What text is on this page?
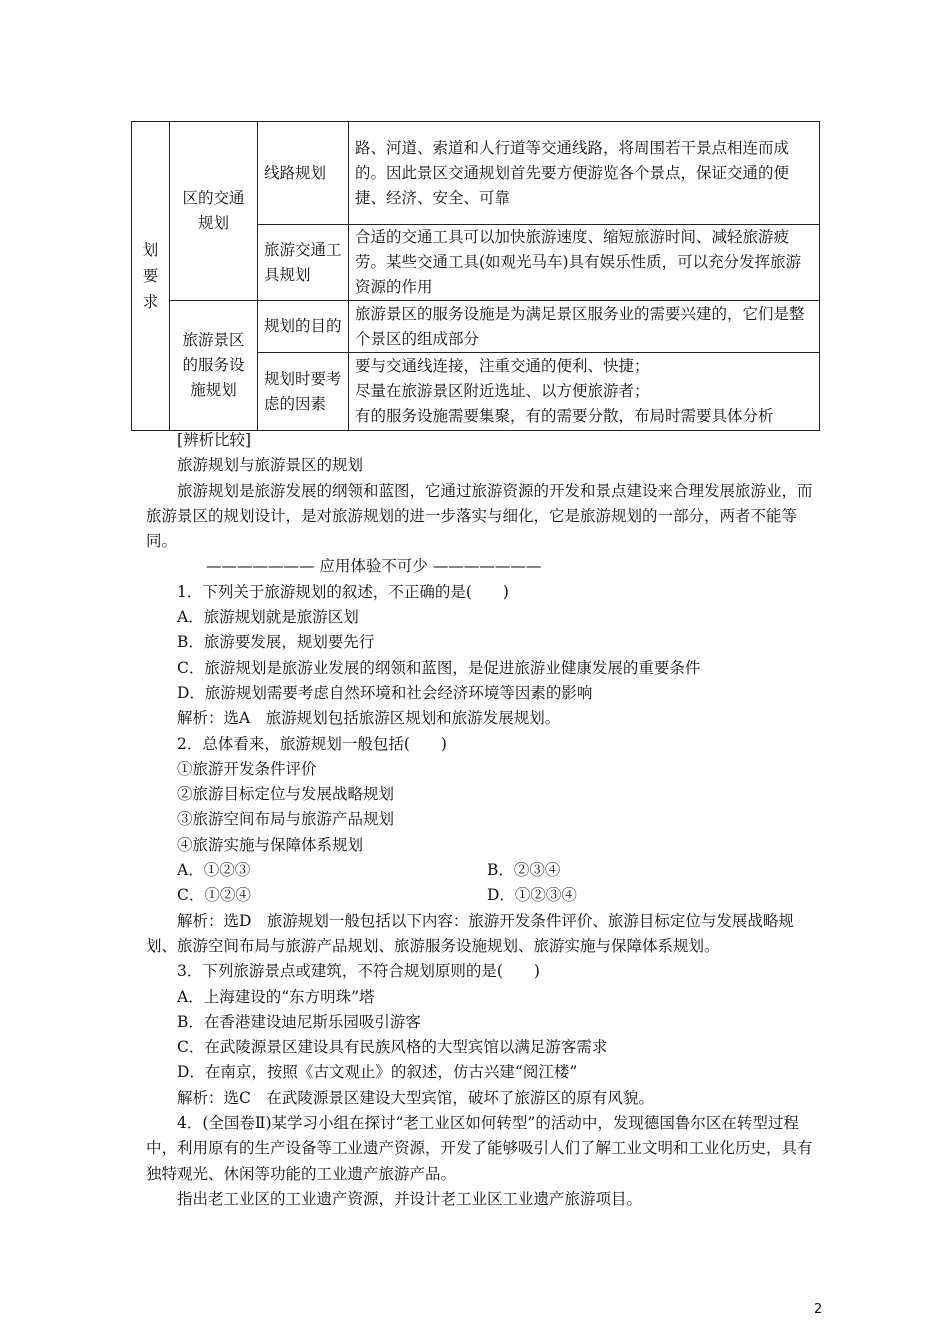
划要求	区的交通规划	线路规划	路、河道、索道和人行道等交通线路，将周围若干景点相连而成的。因此景区交通规划首先要方便游览各个景点，保证交通的便捷、经济、安全、可靠
		旅游交通工具规划	合适的交通工具可以加快旅游速度、缩短旅游时间、减轻旅游疲劳。某些交通工具(如观光马车)具有娱乐性质，可以充分发挥旅游资源的作用
	旅游景区的服务设施规划	规划的目的	旅游景区的服务设施是为满足景区服务业的需要兴建的，它们是整个景区的组成部分
		规划时要考虑的因素	要与交通线连接，注重交通的便利、快捷；
尽量在旅游景区附近选址、以方便旅游者；
有的服务设施需要集聚，有的需要分散，布局时需要具体分析

[辨析比较]

旅游规划与旅游景区的规划

旅游规划是旅游发展的纲领和蓝图，它通过旅游资源的开发和景点建设来合理发展旅游业，而旅游景区的规划设计，是对旅游规划的进一步落实与细化，它是旅游规划的一部分，两者不能等同。

——————— 应用体验不可少 ———————

1．下列关于旅游规划的叙述，不正确的是(　　)

A．旅游规划就是旅游区划

B．旅游要发展，规划要先行

C．旅游规划是旅游业发展的纲领和蓝图，是促进旅游业健康发展的重要条件

D．旅游规划需要考虑自然环境和社会经济环境等因素的影响

解析：选A　旅游规划包括旅游区规划和旅游发展规划。

2．总体看来，旅游规划一般包括(　　)

①旅游开发条件评价

②旅游目标定位与发展战略规划

③旅游空间布局与旅游产品规划

④旅游实施与保障体系规划

A．①②③	B．②③④
C．①②④	D．①②③④

解析：选D　旅游规划一般包括以下内容：旅游开发条件评价、旅游目标定位与发展战略规划、旅游空间布局与旅游产品规划、旅游服务设施规划、旅游实施与保障体系规划。

3．下列旅游景点或建筑，不符合规划原则的是(　　)

A．上海建设的“东方明珠”塔

B．在香港建设迪尼斯乐园吸引游客

C．在武陵源景区建设具有民族风格的大型宾馆以满足游客需求

D．在南京，按照《古文观止》的叙述，仿古兴建“阅江楼”

解析：选C　在武陵源景区建设大型宾馆，破坏了旅游区的原有风貌。

4．(全国卷Ⅱ)某学习小组在探讨“老工业区如何转型”的活动中，发现德国鲁尔区在转型过程中，利用原有的生产设备等工业遗产资源，开发了能够吸引人们了解工业文明和工业化历史，具有独特观光、休闲等功能的工业遗产旅游产品。

指出老工业区的工业遗产资源，并设计老工业区工业遗产旅游项目。

2
